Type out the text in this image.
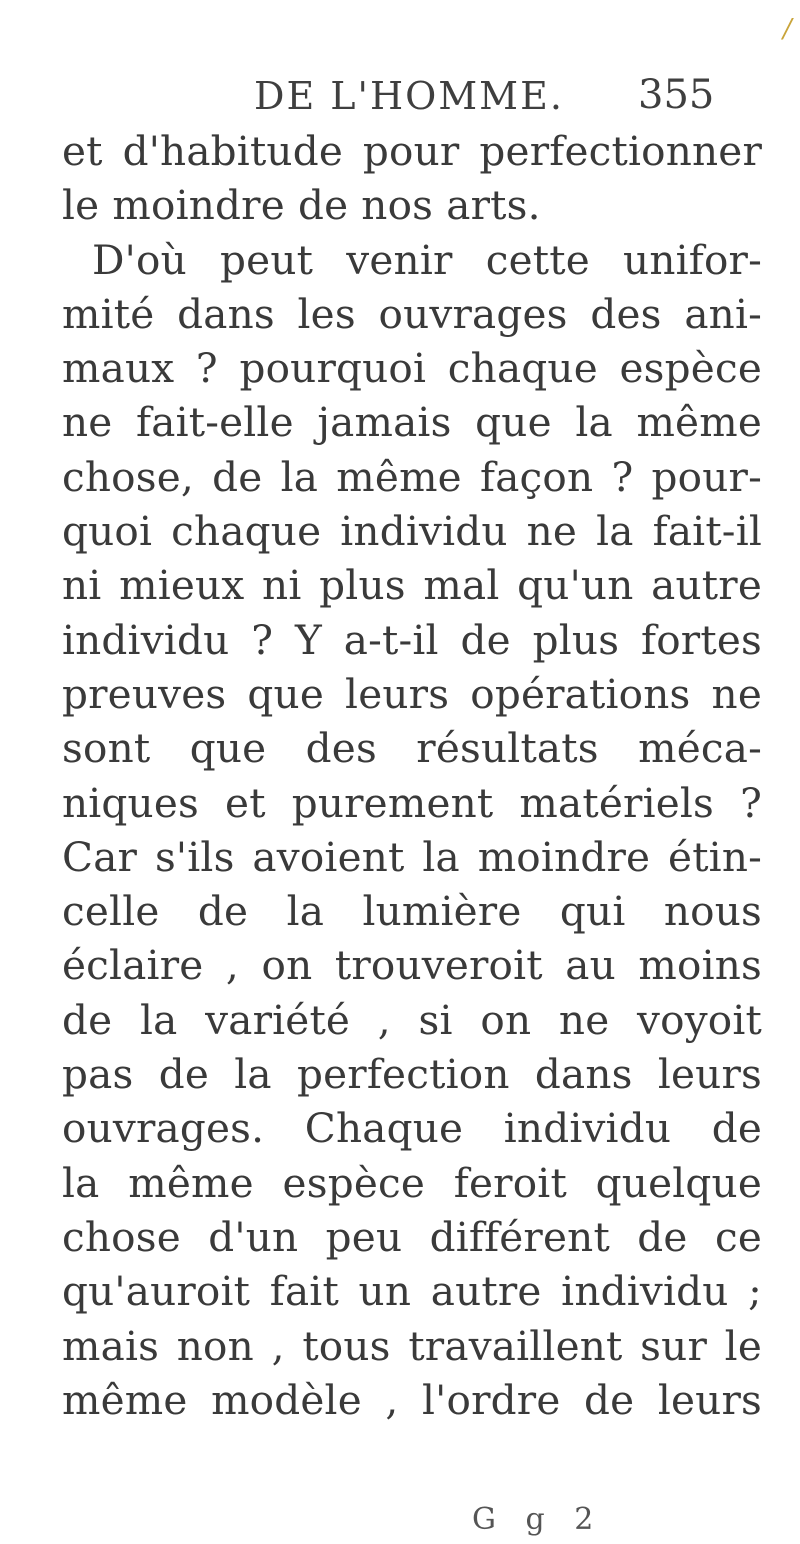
/
DE L'HOMME. 355
et d'habitude pour perfectionner
le moindre de nos arts.
D'où peut venir cette unifor-
mité dans les ouvrages des ani-
maux ? pourquoi chaque espèce
ne fait-elle jamais que la même
chose, de la même façon ? pour-
quoi chaque individu ne la fait-il
ni mieux ni plus mal qu'un autre
individu ? Y a-t-il de plus fortes
preuves que leurs opérations ne
sont que des résultats méca-
niques et purement matériels ?
Car s'ils avoient la moindre étin-
celle de la lumière qui nous
éclaire , on trouveroit au moins
de la variété , si on ne voyoit
pas de la perfection dans leurs
ouvrages. Chaque individu de
la même espèce feroit quelque
chose d'un peu différent de ce
qu'auroit fait un autre individu ;
mais non , tous travaillent sur le
même modèle , l'ordre de leurs
G g 2
